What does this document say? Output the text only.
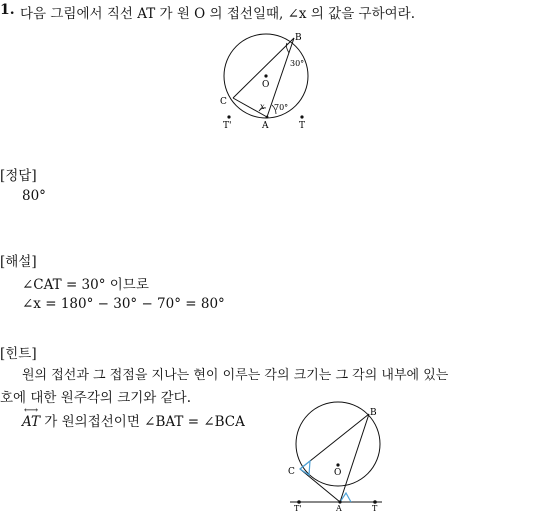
1. 다음 그림에서 직선 AT 가 원 O 의 접선일때, ∠x 의 값을 구하여라.
B
C
O
A
T'	T
30°
70°
x
[정답]
80°
[해설]
∠CAT = 30° 이므로
∠x = 180° − 30° − 70° = 80°
[힌트]
원의 접선과 그 접점을 지나는 현이 이루는 각의 크기는 그 각의 내부에 있는
호에 대한 원주각의 크기와 같다.
⟷
AT 가 원의접선이면 ∠BAT = ∠BCA
B
C	O
T'	A	T
